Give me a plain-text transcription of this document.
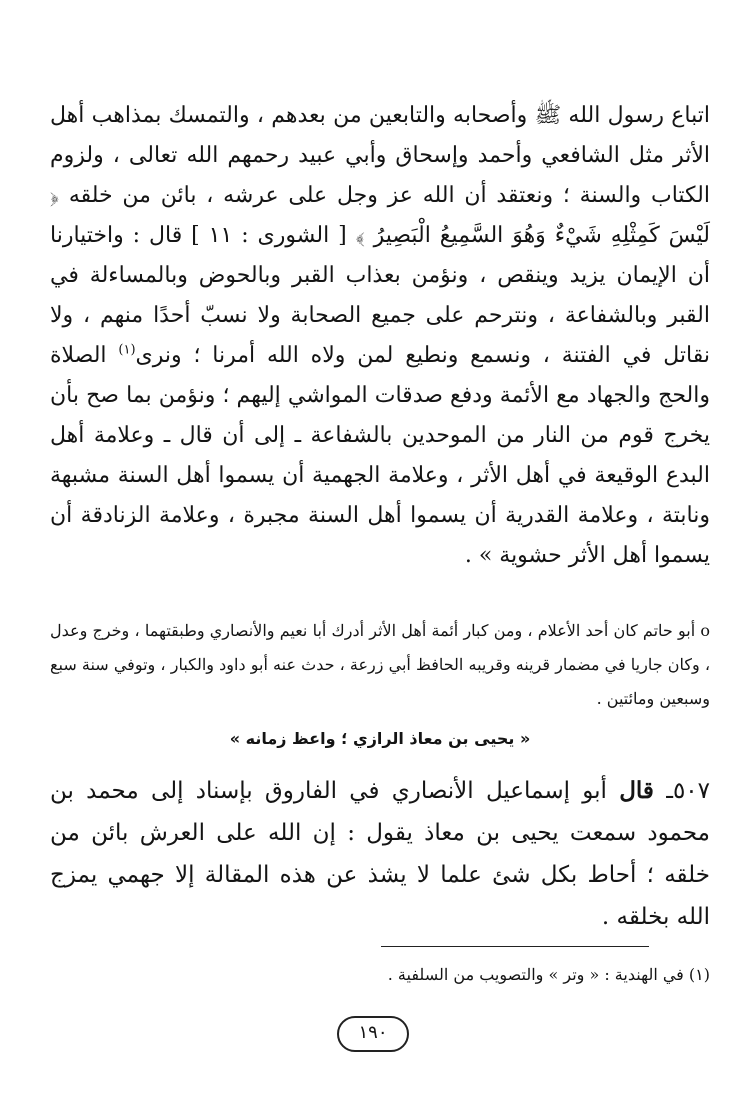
اتباع رسول الله ﷺ وأصحابه والتابعين من بعدهم ، والتمسك بمذاهب أهل الأثر مثل الشافعي وأحمد وإسحاق وأبي عبيد رحمهم الله تعالى ، ولزوم الكتاب والسنة ؛ ونعتقد أن الله عز وجل على عرشه ، بائن من خلقه ﴿ لَيْسَ كَمِثْلِهِ شَيْءٌ وَهُوَ السَّمِيعُ الْبَصِيرُ ﴾ [ الشورى : ١١ ] قال : واختيارنا أن الإيمان يزيد وينقص ، ونؤمن بعذاب القبر وبالحوض وبالمساءلة في القبر وبالشفاعة ، ونترحم على جميع الصحابة ولا نسبّ أحدًا منهم ، ولا نقاتل في الفتنة ، ونسمع ونطيع لمن ولاه الله أمرنا ؛ ونرى$^{(١)}$ الصلاة والحج والجهاد مع الأئمة ودفع صدقات المواشي إليهم ؛ ونؤمن بما صح بأن يخرج قوم من النار من الموحدين بالشفاعة ـ إلى أن قال ـ وعلامة أهل البدع الوقيعة في أهل الأثر ، وعلامة الجهمية أن يسموا أهل السنة مشبهة ونابتة ، وعلامة القدرية أن يسموا أهل السنة مجبرة ، وعلامة الزنادقة أن يسموا أهل الأثر حشوية » .

o أبو حاتم كان أحد الأعلام ، ومن كبار أئمة أهل الأثر أدرك أبا نعيم والأنصاري وطبقتهما ، وخرج وعدل ، وكان جاريا في مضمار قرينه وقريبه الحافظ أبي زرعة ، حدث عنه أبو داود والكبار ، وتوفي سنة سبع وسبعين ومائتين .

« يحيى بن معاذ الرازي ؛ واعظ زمانه »

٥٠٧ـ قال أبو إسماعيل الأنصاري في الفاروق بإسناد إلى محمد بن محمود سمعت يحيى بن معاذ يقول : إن الله على العرش بائن من خلقه ؛ أحاط بكل شئ علما لا يشذ عن هذه المقالة إلا جهمي يمزج الله بخلقه .

(١) في الهندية : « وتر » والتصويب من السلفية .
١٩٠
